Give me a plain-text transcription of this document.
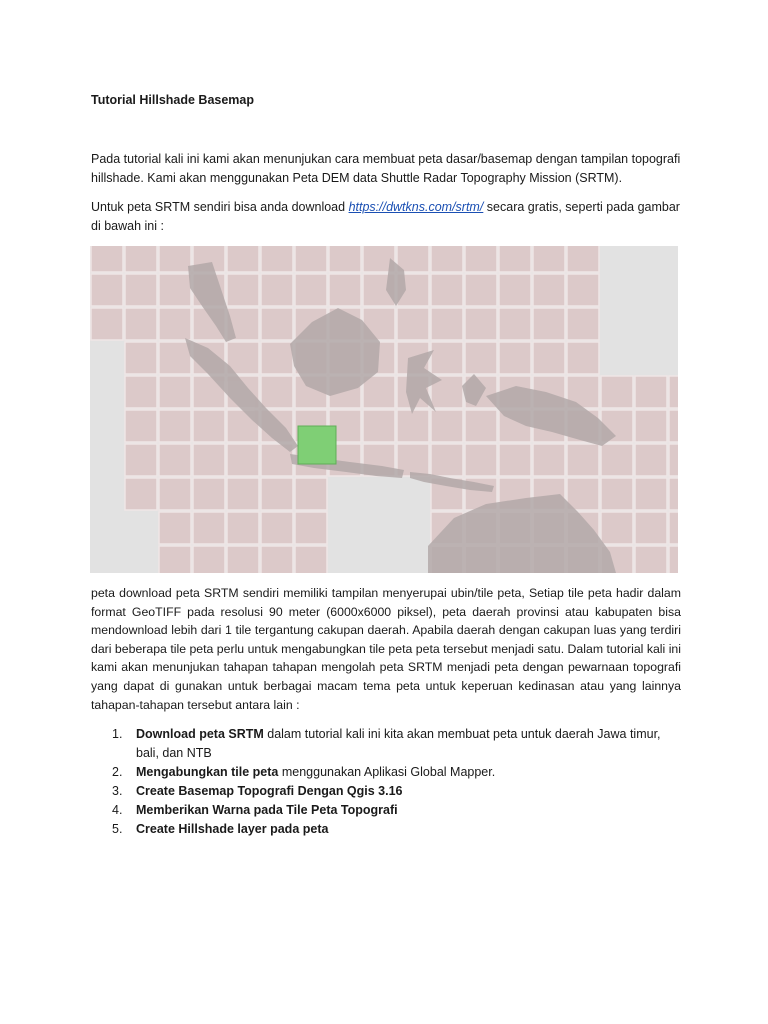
Tutorial Hillshade Basemap
Pada tutorial kali ini kami akan menunjukan cara membuat peta dasar/basemap dengan tampilan topografi hillshade. Kami akan menggunakan Peta DEM data Shuttle Radar Topography Mission (SRTM).
Untuk peta SRTM sendiri bisa anda download https://dwtkns.com/srtm/ secara gratis, seperti pada gambar di bawah ini :
peta download peta SRTM sendiri memiliki tampilan menyerupai ubin/tile peta, Setiap tile peta hadir dalam format GeoTIFF pada resolusi 90 meter (6000x6000 piksel), peta daerah provinsi atau kabupaten bisa mendownload lebih dari 1 tile tergantung cakupan daerah. Apabila daerah dengan cakupan luas yang terdiri dari beberapa tile peta perlu untuk mengabungkan tile peta peta tersebut menjadi satu. Dalam tutorial kali ini kami akan menunjukan tahapan tahapan mengolah peta SRTM menjadi peta dengan pewarnaan topografi yang dapat di gunakan untuk berbagai macam tema peta untuk keperuan kedinasan atau yang lainnya tahapan-tahapan tersebut antara lain :
1. Download peta SRTM dalam tutorial kali ini kita akan membuat peta untuk daerah Jawa timur, bali, dan NTB
2. Mengabungkan tile peta menggunakan Aplikasi Global Mapper.
3. Create Basemap Topografi Dengan Qgis 3.16
4. Memberikan Warna pada Tile Peta Topografi
5. Create Hillshade layer pada peta
